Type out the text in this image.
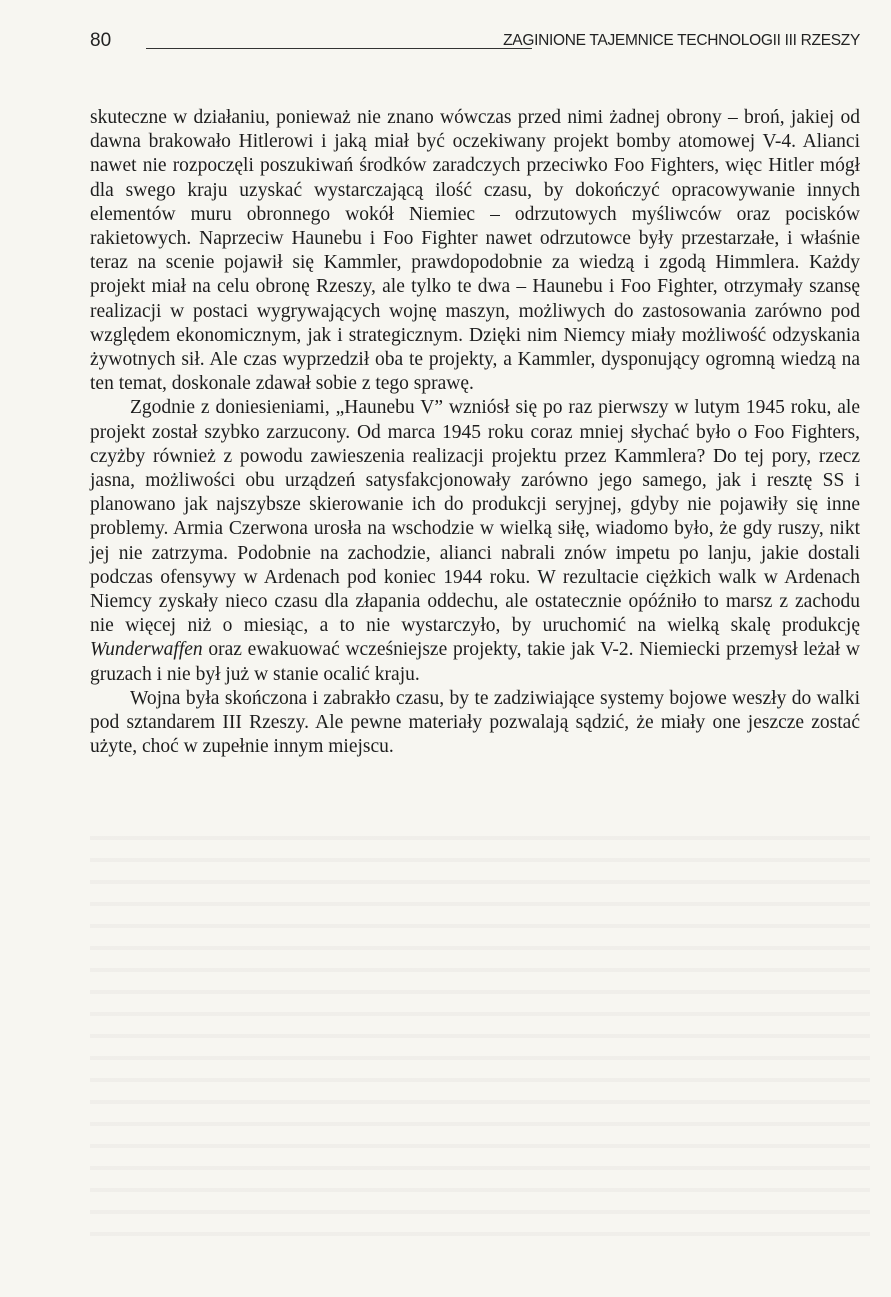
80	ZAGINIONE TAJEMNICE TECHNOLOGII III RZESZY

skuteczne w działaniu, ponieważ nie znano wówczas przed nimi żadnej obrony – broń, jakiej od dawna brakowało Hitlerowi i jaką miał być oczekiwany projekt bomby atomowej V-4. Alianci nawet nie rozpoczęli poszukiwań środków zaradczych przeciwko Foo Fighters, więc Hitler mógł dla swego kraju uzyskać wystarczającą ilość czasu, by dokończyć opracowywanie innych elementów muru obronnego wokół Niemiec – odrzutowych myśliwców oraz pocisków rakietowych. Naprzeciw Haunebu i Foo Fighter nawet odrzutowce były przestarzałe, i właśnie teraz na scenie pojawił się Kammler, prawdopodobnie za wiedzą i zgodą Himmlera. Każdy projekt miał na celu obronę Rzeszy, ale tylko te dwa – Haunebu i Foo Fighter, otrzymały szansę realizacji w postaci wygrywających wojnę maszyn, możliwych do zastosowania zarówno pod względem ekonomicznym, jak i strategicznym. Dzięki nim Niemcy miały możliwość odzyskania żywotnych sił. Ale czas wyprzedził oba te projekty, a Kammler, dysponujący ogromną wiedzą na ten temat, doskonale zdawał sobie z tego sprawę.

Zgodnie z doniesieniami, „Haunebu V” wzniósł się po raz pierwszy w lutym 1945 roku, ale projekt został szybko zarzucony. Od marca 1945 roku coraz mniej słychać było o Foo Fighters, czyżby również z powodu zawieszenia realizacji projektu przez Kammlera? Do tej pory, rzecz jasna, możliwości obu urządzeń satysfakcjonowały zarówno jego samego, jak i resztę SS i planowano jak najszybsze skierowanie ich do produkcji seryjnej, gdyby nie pojawiły się inne problemy. Armia Czerwona urosła na wschodzie w wielką siłę, wiadomo było, że gdy ruszy, nikt jej nie zatrzyma. Podobnie na zachodzie, alianci nabrali znów impetu po lanju, jakie dostali podczas ofensywy w Ardenach pod koniec 1944 roku. W rezultacie ciężkich walk w Ardenach Niemcy zyskały nieco czasu dla złapania oddechu, ale ostatecznie opóźniło to marsz z zachodu nie więcej niż o miesiąc, a to nie wystarczyło, by uruchomić na wielką skalę produkcję Wunderwaffen oraz ewakuować wcześniejsze projekty, takie jak V-2. Niemiecki przemysł leżał w gruzach i nie był już w stanie ocalić kraju.

Wojna była skończona i zabrakło czasu, by te zadziwiające systemy bojowe weszły do walki pod sztandarem III Rzeszy. Ale pewne materiały pozwalają sądzić, że miały one jeszcze zostać użyte, choć w zupełnie innym miejscu.
